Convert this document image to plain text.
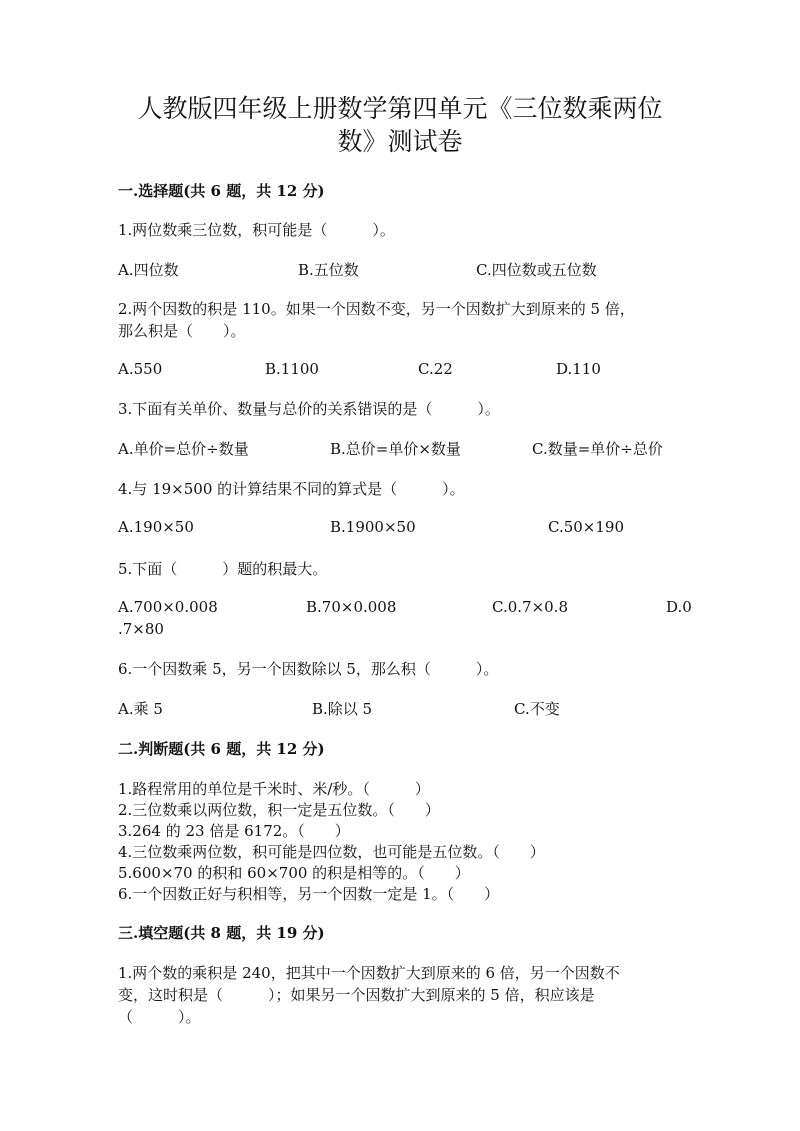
人教版四年级上册数学第四单元《三位数乘两位
数》测试卷
一.选择题(共 6 题，共 12 分)
1.两位数乘三位数，积可能是（　　　）。
A.四位数	B.五位数	C.四位数或五位数
2.两个因数的积是 110。如果一个因数不变，另一个因数扩大到原来的 5 倍，
那么积是（　　）。
A.550	B.1100	C.22	D.110
3.下面有关单价、数量与总价的关系错误的是（　　　）。
A.单价=总价÷数量	B.总价=单价×数量	C.数量=单价÷总价
4.与 19×500 的计算结果不同的算式是（　　　）。
A.190×50	B.1900×50	C.50×190
5.下面（　　　）题的积最大。
A.700×0.008	B.70×0.008	C.0.7×0.8	D.0
.7×80
6.一个因数乘 5，另一个因数除以 5，那么积（　　　）。
A.乘 5	B.除以 5	C.不变
二.判断题(共 6 题，共 12 分)
1.路程常用的单位是千米时、米/秒。（　　　）
2.三位数乘以两位数，积一定是五位数。（　　）
3.264 的 23 倍是 6172。（　　）
4.三位数乘两位数，积可能是四位数，也可能是五位数。（　　）
5.600×70 的积和 60×700 的积是相等的。（　　）
6.一个因数正好与积相等，另一个因数一定是 1。（　　）
三.填空题(共 8 题，共 19 分)
1.两个数的乘积是 240，把其中一个因数扩大到原来的 6 倍，另一个因数不
变，这时积是（　　　）；如果另一个因数扩大到原来的 5 倍，积应该是
（　　　）。
